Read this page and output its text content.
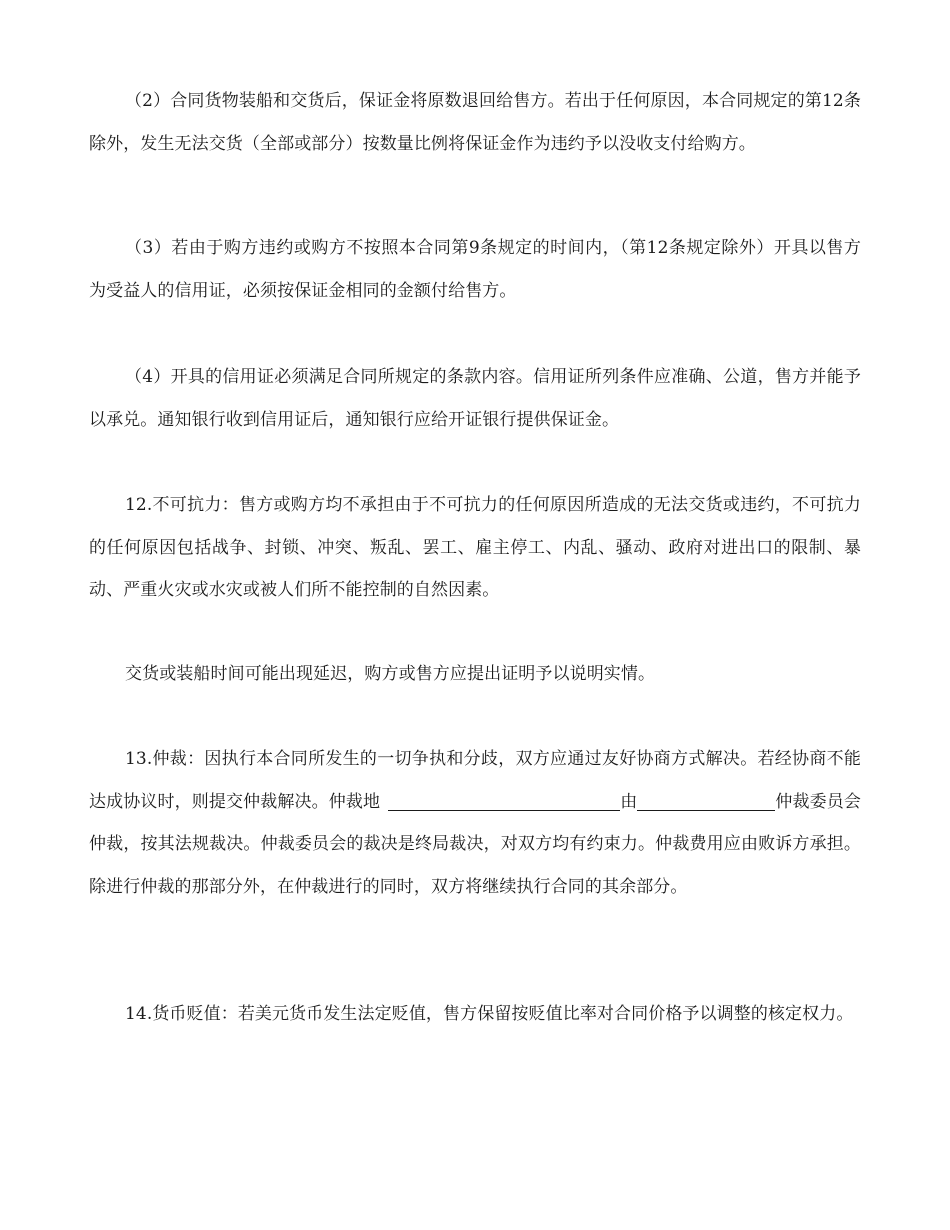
（2）合同货物装船和交货后，保证金将原数退回给售方。若出于任何原因，本合同规定的第12条除外，发生无法交货（全部或部分）按数量比例将保证金作为违约予以没收支付给购方。

（3）若由于购方违约或购方不按照本合同第9条规定的时间内，（第12条规定除外）开具以售方为受益人的信用证，必须按保证金相同的金额付给售方。

（4）开具的信用证必须满足合同所规定的条款内容。信用证所列条件应准确、公道，售方并能予以承兑。通知银行收到信用证后，通知银行应给开证银行提供保证金。

12.不可抗力：售方或购方均不承担由于不可抗力的任何原因所造成的无法交货或违约，不可抗力的任何原因包括战争、封锁、冲突、叛乱、罢工、雇主停工、内乱、骚动、政府对进出口的限制、暴动、严重火灾或水灾或被人们所不能控制的自然因素。

交货或装船时间可能出现延迟，购方或售方应提出证明予以说明实情。

13.仲裁：因执行本合同所发生的一切争执和分歧，双方应通过友好协商方式解决。若经协商不能达成协议时，则提交仲裁解决。仲裁地	由	仲裁委员会仲裁，按其法规裁决。仲裁委员会的裁决是终局裁决，对双方均有约束力。仲裁费用应由败诉方承担。除进行仲裁的那部分外，在仲裁进行的同时，双方将继续执行合同的其余部分。

14.货币贬值：若美元货币发生法定贬值，售方保留按贬值比率对合同价格予以调整的核定权力。
